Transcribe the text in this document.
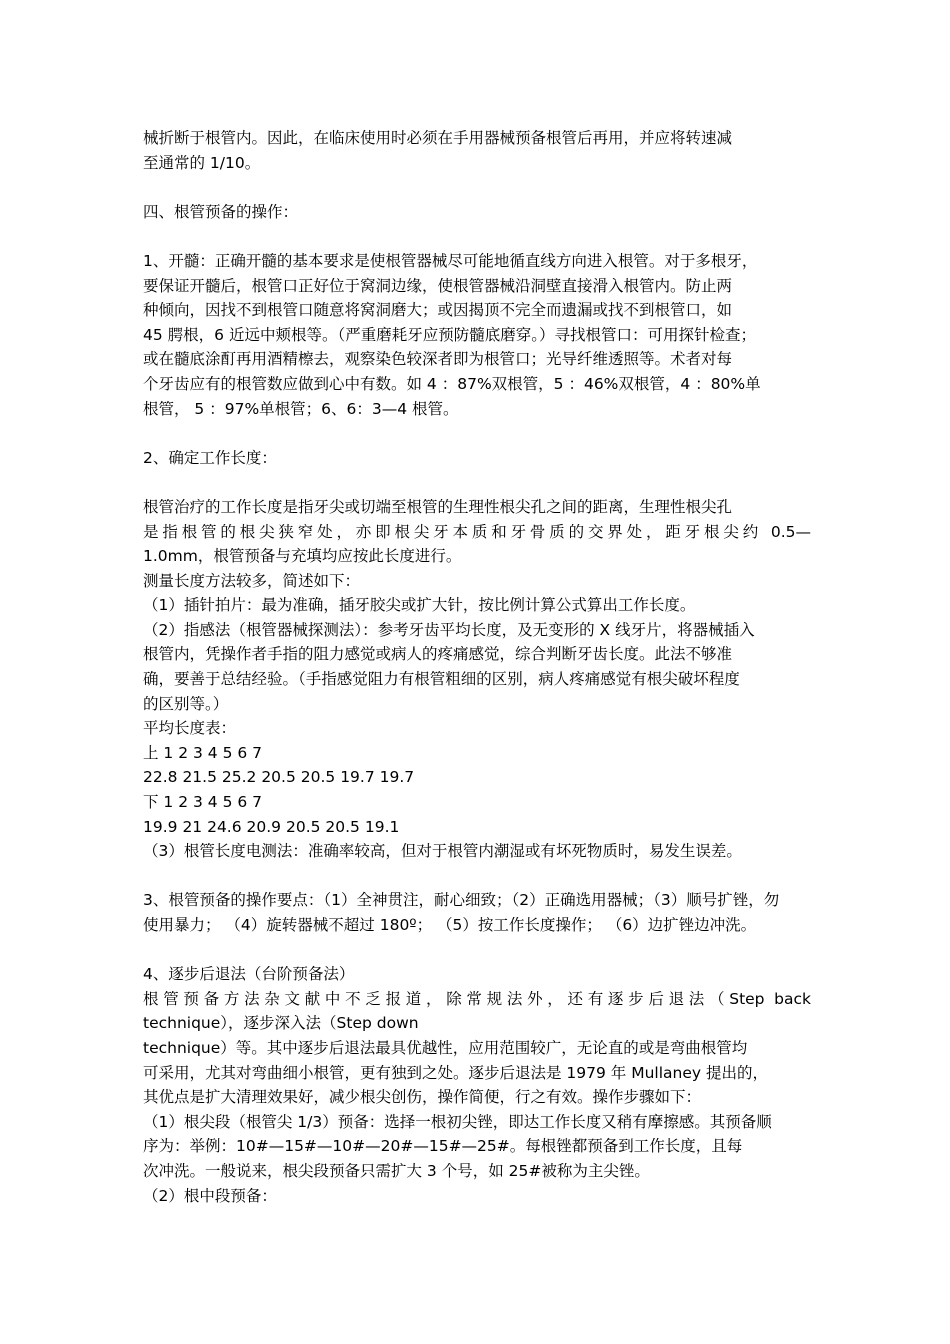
械折断于根管内。因此，在临床使用时必须在手用器械预备根管后再用，并应将转速减
至通常的 1/10。
四、根管预备的操作：
1、开髓：正确开髓的基本要求是使根管器械尽可能地循直线方向进入根管。对于多根牙，
要保证开髓后，根管口正好位于窝洞边缘，使根管器械沿洞壁直接滑入根管内。防止两
种倾向，因找不到根管口随意将窝洞磨大；或因揭顶不完全而遗漏或找不到根管口，如
45 腭根，6 近远中颊根等。（严重磨耗牙应预防髓底磨穿。）寻找根管口：可用探针检查；
或在髓底涂酊再用酒精檫去，观察染色较深者即为根管口；光导纤维透照等。术者对每
个牙齿应有的根管数应做到心中有数。如 4 ：87%双根管，5 ：46%双根管，4 ：80%单
根管， 5 ：97%单根管；6、6：3—4 根管。
2、确定工作长度：
根管治疗的工作长度是指牙尖或切端至根管的生理性根尖孔之间的距离，生理性根尖孔
是指根管的根尖狭窄处，亦即根尖牙本质和牙骨质的交界处，距牙根尖约 0.5—
1.0mm，根管预备与充填均应按此长度进行。
测量长度方法较多，简述如下：
（1）插针拍片：最为准确，插牙胶尖或扩大针，按比例计算公式算出工作长度。
（2）指感法（根管器械探测法）：参考牙齿平均长度，及无变形的 X 线牙片，将器械插入
根管内，凭操作者手指的阻力感觉或病人的疼痛感觉，综合判断牙齿长度。此法不够准
确，要善于总结经验。（手指感觉阻力有根管粗细的区别，病人疼痛感觉有根尖破坏程度
的区别等。）
平均长度表：
上 1 2 3 4 5 6 7
22.8 21.5 25.2 20.5 20.5 19.7 19.7
下 1 2 3 4 5 6 7
19.9 21 24.6 20.9 20.5 20.5 19.1
（3）根管长度电测法：准确率较高，但对于根管内潮湿或有坏死物质时，易发生误差。
3、根管预备的操作要点：（1）全神贯注，耐心细致；（2）正确选用器械；（3）顺号扩锉，勿
使用暴力； （4）旋转器械不超过 180º； （5）按工作长度操作； （6）边扩锉边冲洗。
4、逐步后退法（台阶预备法）
根管预备方法杂文献中不乏报道，除常规法外，还有逐步后退法（Step back
technique），逐步深入法（Step down
technique）等。其中逐步后退法最具优越性，应用范围较广，无论直的或是弯曲根管均
可采用，尤其对弯曲细小根管，更有独到之处。逐步后退法是 1979 年 Mullaney 提出的，
其优点是扩大清理效果好，减少根尖创伤，操作简便，行之有效。操作步骤如下：
（1）根尖段（根管尖 1/3）预备：选择一根初尖锉，即达工作长度又稍有摩擦感。其预备顺
序为：举例：10#—15#—10#—20#—15#—25#。每根锉都预备到工作长度，且每
次冲洗。一般说来，根尖段预备只需扩大 3 个号，如 25#被称为主尖锉。
（2）根中段预备：
